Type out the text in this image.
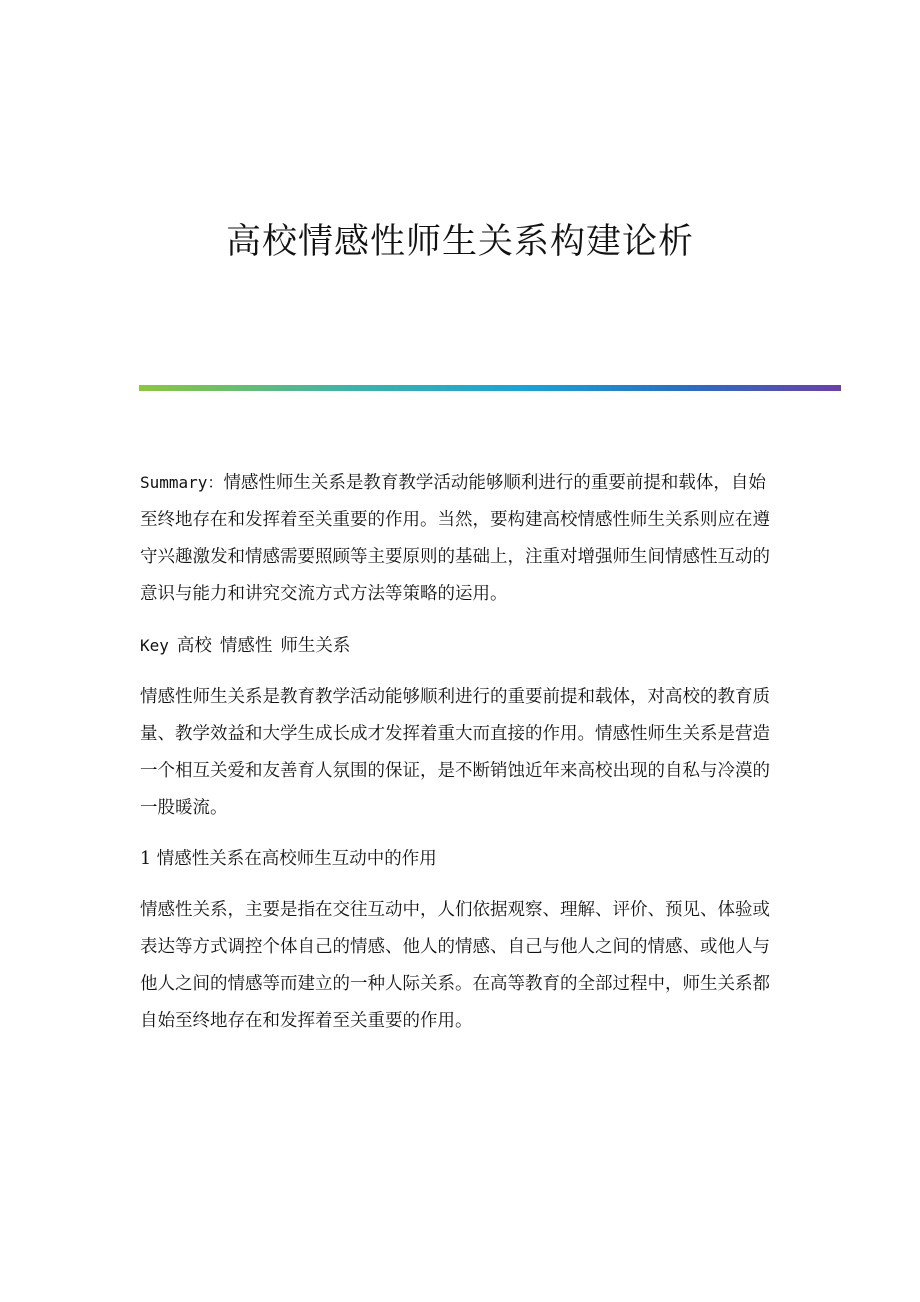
高校情感性师生关系构建论析

Summary：情感性师生关系是教育教学活动能够顺利进行的重要前提和载体，自始至终地存在和发挥着至关重要的作用。当然，要构建高校情感性师生关系则应在遵守兴趣激发和情感需要照顾等主要原则的基础上，注重对增强师生间情感性互动的意识与能力和讲究交流方式方法等策略的运用。

Key 高校 情感性 师生关系

情感性师生关系是教育教学活动能够顺利进行的重要前提和载体，对高校的教育质量、教学效益和大学生成长成才发挥着重大而直接的作用。情感性师生关系是营造一个相互关爱和友善育人氛围的保证，是不断销蚀近年来高校出现的自私与冷漠的一股暖流。

1 情感性关系在高校师生互动中的作用

情感性关系，主要是指在交往互动中，人们依据观察、理解、评价、预见、体验或表达等方式调控个体自己的情感、他人的情感、自己与他人之间的情感、或他人与他人之间的情感等而建立的一种人际关系。在高等教育的全部过程中，师生关系都自始至终地存在和发挥着至关重要的作用。
